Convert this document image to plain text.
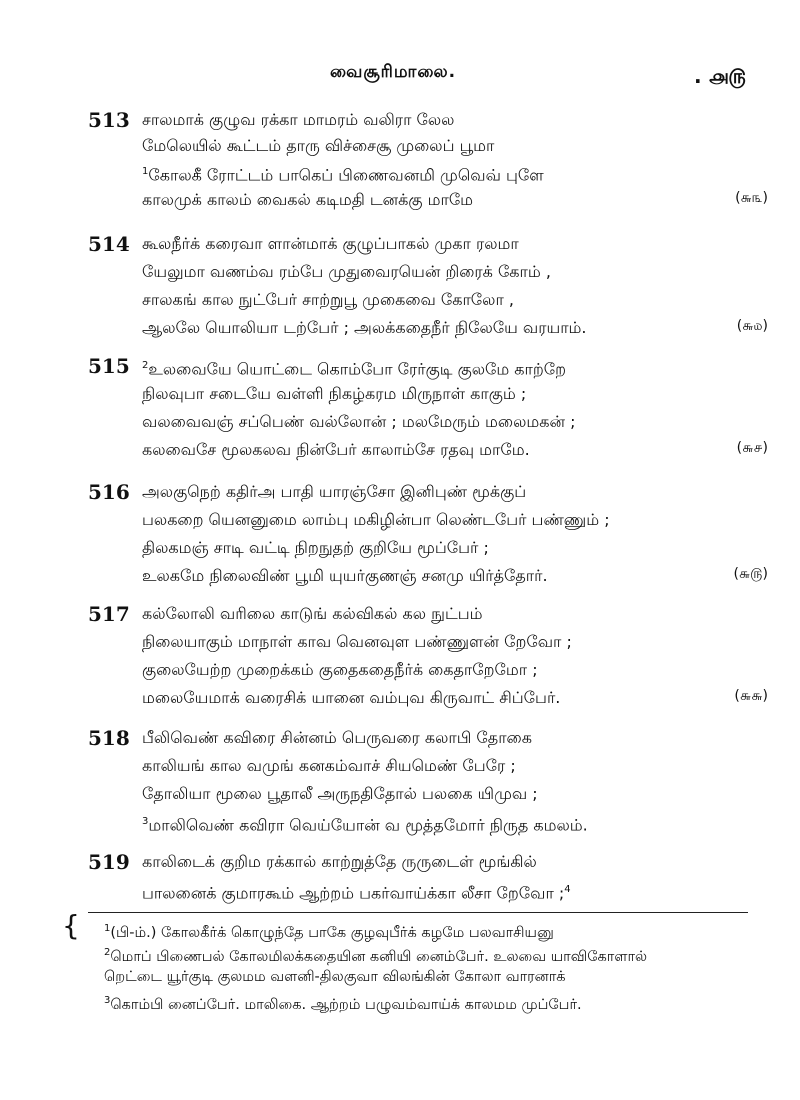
வைசூரிமாலை.	. ௮௫
513 சாலமாக் குழுவ ரக்கா மாமரம் வலிரா லேல
மேலெயில் கூட்டம் தாரு விச்சைசூ முலைப் பூமா
$^1$கோலகீ ரோட்டம் பாகெப் பிணைவனமி முவெவ் புளே
காலமுக் காலம் வைகல் கடிமதி டனக்கு மாமே	(௬௩)
514 கூலநீர்க் கரைவா ளான்மாக் குழுப்பாகல் முகா ரலமா
யேலுமா வணம்வ ரம்பே முதுவைரயென் றிரைக் கோம் ,
சாலகங் கால நுட்பேர் சாற்றுபூ முகைவை கோலோ ,
ஆலலே யொலியா டற்பேர் ; அலக்கதைநீர் நிலேயே வரயாம்.	(௬௰)
515 $^2$உலவையே யொட்டை கொம்போ ரேர்குடி குலமே காற்றே
நிலவுபா சடையே வள்ளி நிகழ்கரம மிருநாள் காகும் ;
வலவைவஞ் சப்பெண் வல்லோன் ; மலமேரும் மலைமகன் ;
கலவைசே மூலகலவ நின்பேர் காலாம்சே ரதவு மாமே.	(௬௪)
516 அலகுநெற் கதிர்அ பாதி யாரஞ்சோ இனிபுண் மூக்குப்
பலகறை யெனனுமை லாம்பு மகிழின்பா லெண்டபேர் பண்ணும் ;
திலகமஞ் சாடி வட்டி நிறநுதற் குறியே மூப்பேர் ;
உலகமே நிலைவிண் பூமி யுயர்குணஞ் சனமு யிர்த்தோர்.	(௬௫)
517 கல்லோலி வரிலை காடுங் கல்விகல் கல நுட்பம்
நிலையாகும் மாநாள் காவ வெனவுள பண்ணுளன் றேவோ ;
குலையேற்ற முறைக்கம் குதைகதைநீர்க் கைதாறேமோ ;
மலையேமாக் வரைசிக் யானை வம்புவ கிருவாட் சிப்பேர்.	(௬௬)
518 பீலிவெண் கவிரை சின்னம் பெருவரை கலாபி தோகை
காலியங் கால வமுங் கனகம்வாச் சியமெண் பேரே ;
தோலியா மூலை பூதாலீ அருநதிதோல் பலகை யிமுவ ;
$^3$மாலிவெண் கவிரா வெய்யோன் வ மூத்தமோர் நிருத கமலம்.
519 காலிடைக் குறிம ரக்கால் காற்றுத்தே ருருடைள் மூங்கில்
பாலனைக் குமாரகூம் ஆற்றம் பகர்வாய்க்கா லீசா றேவோ ;$^4$
{ $^1$(பி-ம்.) கோலகீர்க் கொழுந்தே பாகே குழவுபீர்க் கழமே பலவாசியனு
$^2$மொப் பிணைபல் கோலமிலக்கதையின கனியி னைம்பேர். உலவை யாவிகோளால்
றெட்டை யூர்குடி குலமம வளனி-திலகுவா விலங்கின் கோலா வாரனாக்
$^3$கொம்பி னைப்பேர். மாலிகை. ஆற்றம் பழுவம்வாய்க் காலமம முப்பேர்.
